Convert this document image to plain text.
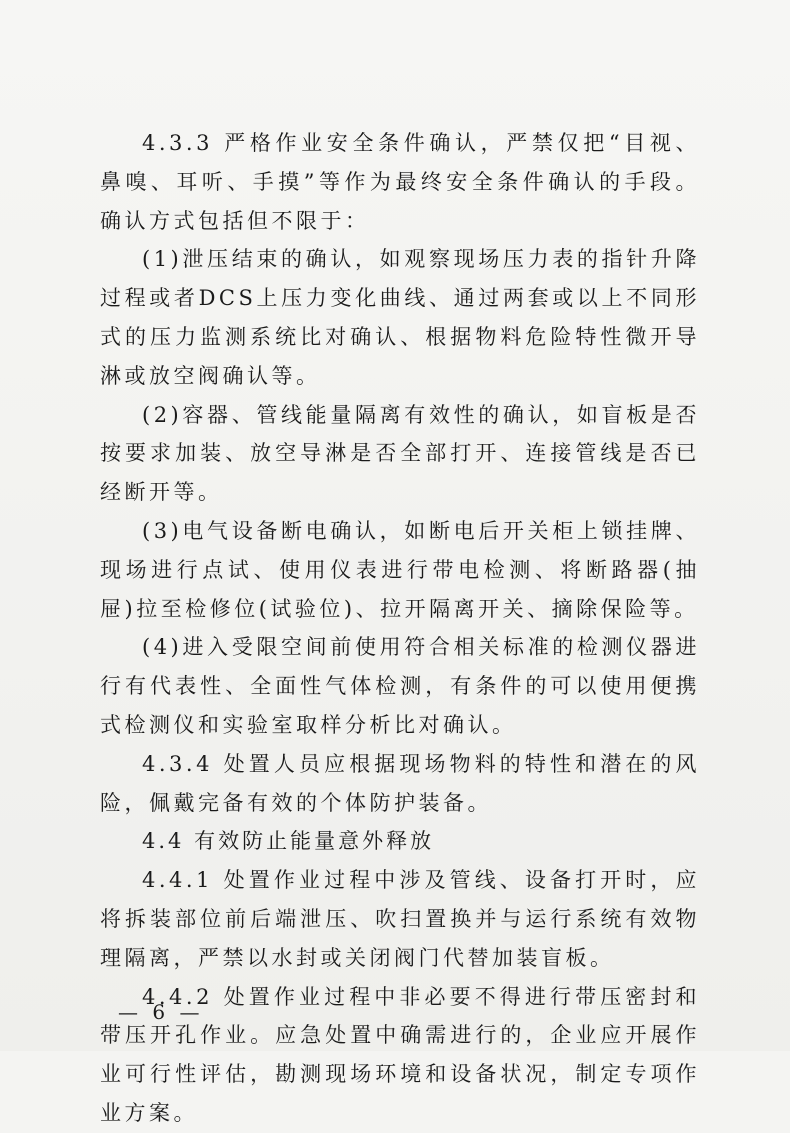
4.3.3 严格作业安全条件确认，严禁仅把“目视、鼻嗅、耳听、手摸”等作为最终安全条件确认的手段。确认方式包括但不限于：

(1)泄压结束的确认，如观察现场压力表的指针升降过程或者DCS上压力变化曲线、通过两套或以上不同形式的压力监测系统比对确认、根据物料危险特性微开导淋或放空阀确认等。

(2)容器、管线能量隔离有效性的确认，如盲板是否按要求加装、放空导淋是否全部打开、连接管线是否已经断开等。

(3)电气设备断电确认，如断电后开关柜上锁挂牌、现场进行点试、使用仪表进行带电检测、将断路器(抽屉)拉至检修位(试验位)、拉开隔离开关、摘除保险等。

(4)进入受限空间前使用符合相关标准的检测仪器进行有代表性、全面性气体检测，有条件的可以使用便携式检测仪和实验室取样分析比对确认。

4.3.4 处置人员应根据现场物料的特性和潜在的风险，佩戴完备有效的个体防护装备。

4.4 有效防止能量意外释放

4.4.1 处置作业过程中涉及管线、设备打开时，应将拆装部位前后端泄压、吹扫置换并与运行系统有效物理隔离，严禁以水封或关闭阀门代替加装盲板。

4.4.2 处置作业过程中非必要不得进行带压密封和带压开孔作业。应急处置中确需进行的，企业应开展作业可行性评估，勘测现场环境和设备状况，制定专项作业方案。

— 6 —
